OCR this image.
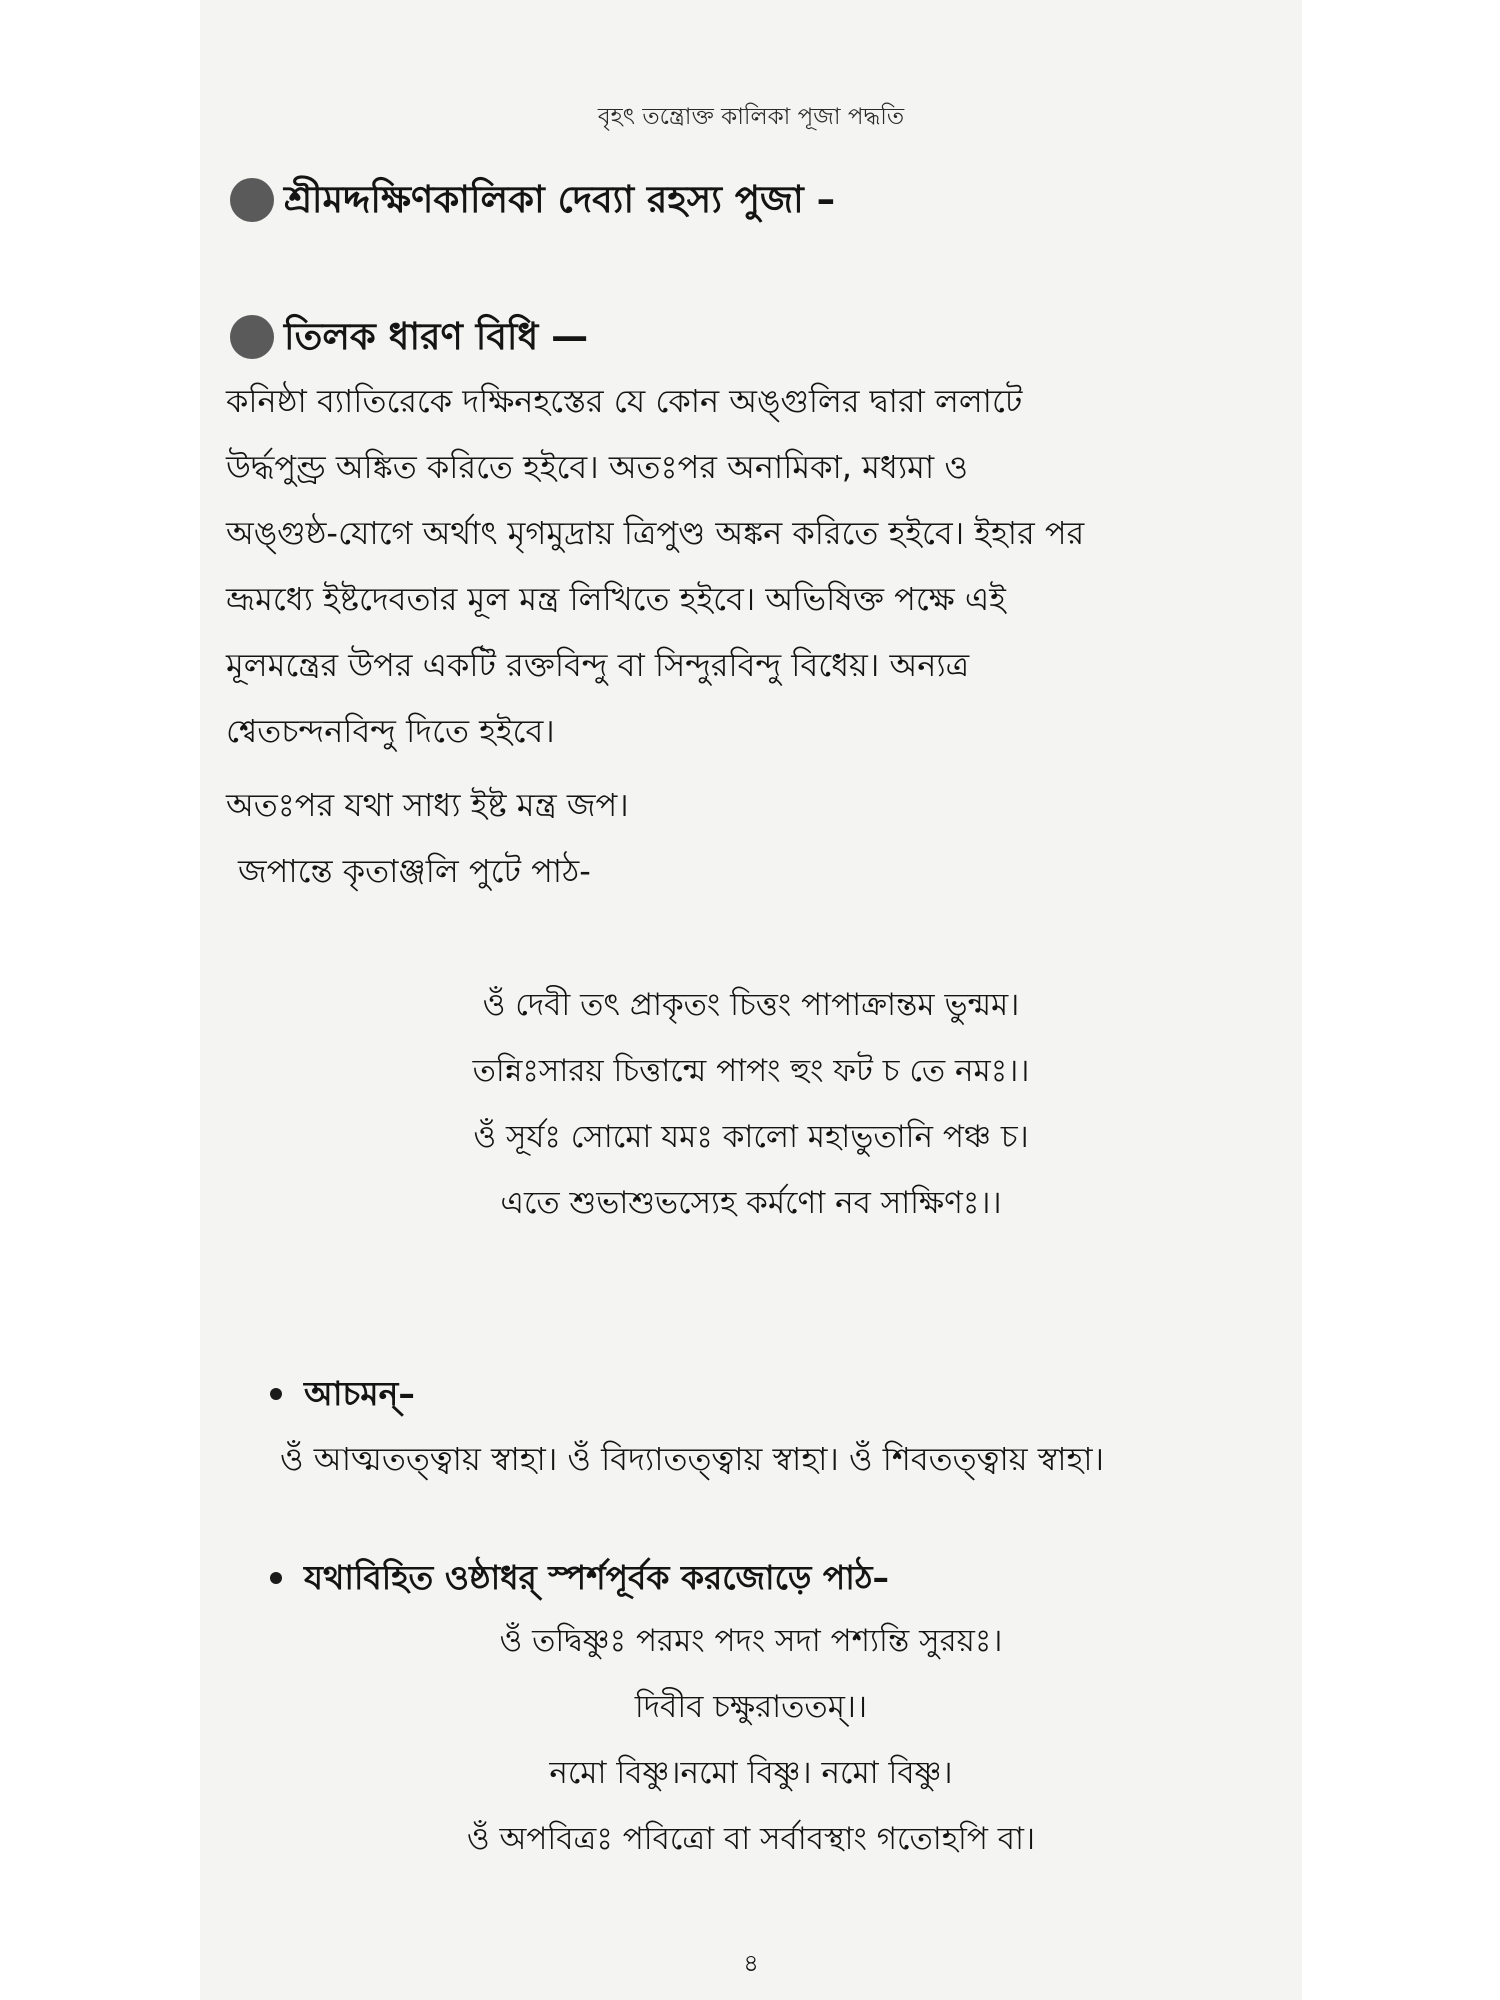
বৃহৎ তন্ত্রোক্ত কালিকা পূজা পদ্ধতি
শ্রীমদ্দক্ষিণকালিকা দেব্যা রহস্য পুজা –
তিলক ধারণ বিধি —

কনিষ্ঠা ব্যাতিরেকে দক্ষিনহস্তের যে কোন অঙ্গুলির দ্বারা ললাটে

উর্দ্ধপুণ্ড্র অঙ্কিত করিতে হইবে। অতঃপর অনামিকা, মধ্যমা ও

অঙ্গুষ্ঠ-যোগে অর্থাৎ মৃগমুদ্রায় ত্রিপুণ্ড অঙ্কন করিতে হইবে। ইহার পর

ভ্রূমধ্যে ইষ্টদেবতার মূল মন্ত্র লিখিতে হইবে। অভিষিক্ত পক্ষে এই

মূলমন্ত্রের উপর একটি রক্তবিন্দু বা সিন্দুরবিন্দু বিধেয়। অন্যত্র

শ্বেতচন্দনবিন্দু দিতে হইবে।

অতঃপর যথা সাধ্য ইষ্ট মন্ত্র জপ।
জপান্তে কৃতাঞ্জলি পুটে পাঠ-

ওঁ দেবী তৎ প্রাকৃতং চিত্তং পাপাক্রান্তম ভুন্মম।

তন্নিঃসারয় চিত্তান্মে পাপং হুং ফট চ তে নমঃ।।

ওঁ সূর্যঃ সোমো যমঃ কালো মহাভুতানি পঞ্চ চ।

এতে শুভাশুভস্যেহ কর্মণো নব সাক্ষিণঃ।।

আচমন্–
ওঁ আত্মতত্ত্বায় স্বাহা। ওঁ বিদ্যাতত্ত্বায় স্বাহা। ওঁ শিবতত্ত্বায় স্বাহা।
যথাবিহিত ওষ্ঠাধর্ স্পর্শপূর্বক করজোড়ে পাঠ–

ওঁ তদ্বিষ্ণুঃ পরমং পদং সদা পশ্যন্তি সুরয়ঃ।

দিবীব চক্ষুরাততম্।।

নমো বিষ্ণু।নমো বিষ্ণু। নমো বিষ্ণু।

ওঁ অপবিত্রঃ পবিত্রো বা সর্বাবস্থাং গতোহপি বা।

৪
